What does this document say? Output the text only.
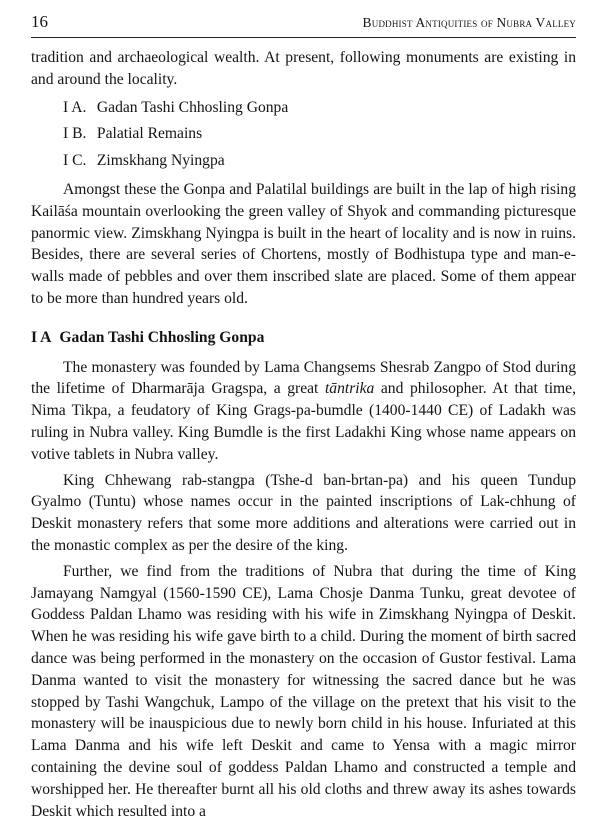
16	Buddhist Antiquities of Nubra Valley

tradition and archaeological wealth. At present, following monuments are existing in and around the locality.

I A. Gadan Tashi Chhosling Gonpa
I B. Palatial Remains
I C. Zimskhang Nyingpa

Amongst these the Gonpa and Palatilal buildings are built in the lap of high rising Kailāśa mountain overlooking the green valley of Shyok and commanding picturesque panormic view. Zimskhang Nyingpa is built in the heart of locality and is now in ruins. Besides, there are several series of Chortens, mostly of Bodhistupa type and man-e-walls made of pebbles and over them inscribed slate are placed. Some of them appear to be more than hundred years old.

I A Gadan Tashi Chhosling Gonpa

The monastery was founded by Lama Changsems Shesrab Zangpo of Stod during the lifetime of Dharmarāja Gragspa, a great tāntrika and philosopher. At that time, Nima Tikpa, a feudatory of King Grags-pa-bumdle (1400-1440 CE) of Ladakh was ruling in Nubra valley. King Bumdle is the first Ladakhi King whose name appears on votive tablets in Nubra valley.

King Chhewang rab-stangpa (Tshe-d ban-brtan-pa) and his queen Tundup Gyalmo (Tuntu) whose names occur in the painted inscriptions of Lak-chhung of Deskit monastery refers that some more additions and alterations were carried out in the monastic complex as per the desire of the king.

Further, we find from the traditions of Nubra that during the time of King Jamayang Namgyal (1560-1590 CE), Lama Chosje Danma Tunku, great devotee of Goddess Paldan Lhamo was residing with his wife in Zimskhang Nyingpa of Deskit. When he was residing his wife gave birth to a child. During the moment of birth sacred dance was being performed in the monastery on the occasion of Gustor festival. Lama Danma wanted to visit the monastery for witnessing the sacred dance but he was stopped by Tashi Wangchuk, Lampo of the village on the pretext that his visit to the monastery will be inauspicious due to newly born child in his house. Infuriated at this Lama Danma and his wife left Deskit and came to Yensa with a magic mirror containing the devine soul of goddess Paldan Lhamo and constructed a temple and worshipped her. He thereafter burnt all his old cloths and threw away its ashes towards Deskit which resulted into a
